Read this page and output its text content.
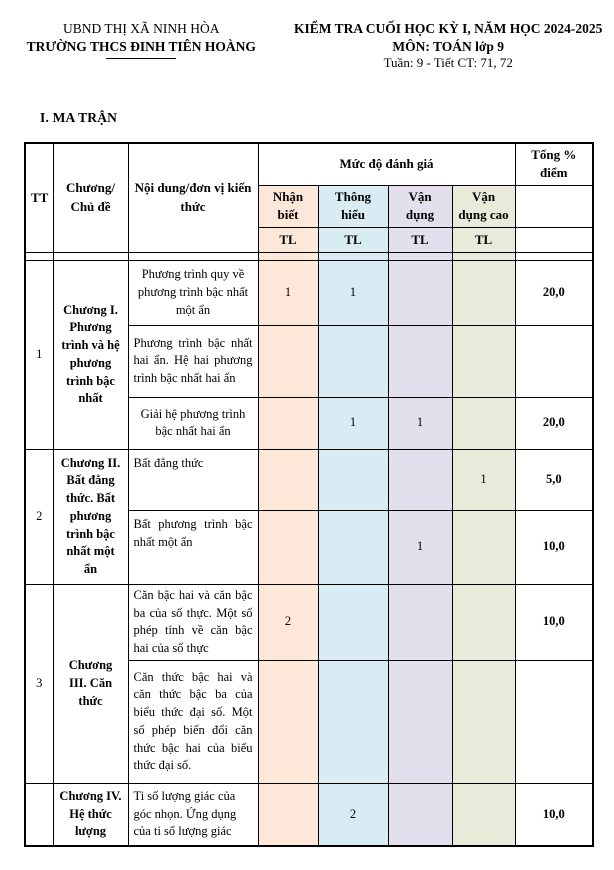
UBND THỊ XÃ NINH HÒA
TRƯỜNG THCS ĐINH TIÊN HOÀNG
KIỂM TRA CUỐI HỌC KỲ I, NĂM HỌC 2024-2025
MÔN: TOÁN lớp 9
Tuần: 9 - Tiết CT: 71, 72
I. MA TRẬN
TT	Chương/ Chủ đề	Nội dung/đơn vị kiến thức	Mức độ đánh giá				Tổng % điểm
			Nhận biết	Thông hiểu	Vận dụng	Vận dụng cao	
			TL	TL	TL	TL	

1	Chương I. Phương trình và hệ phương trình bậc nhất	Phương trình quy về phương trình bậc nhất một ẩn	1	1			20,0
		Phương trình bậc nhất hai ẩn. Hệ hai phương trình bậc nhất hai ẩn					
		Giải hệ phương trình bậc nhất hai ẩn		1	1		20,0
2	Chương II. Bất đẳng thức. Bất phương trình bậc nhất một ẩn	Bất đẳng thức				1	5,0
		Bất phương trình bậc nhất một ẩn			1		10,0
3	Chương III. Căn thức	Căn bậc hai và căn bậc ba của số thực. Một số phép tính về căn bậc hai của số thực	2				10,0
		Căn thức bậc hai và căn thức bậc ba của biểu thức đại số. Một số phép biến đổi căn thức bậc hai của biểu thức đại số.					
	Chương IV. Hệ thức lượng	Ti số lượng giác của góc nhọn. Ứng dụng của ti số lượng giác		2			10,0
